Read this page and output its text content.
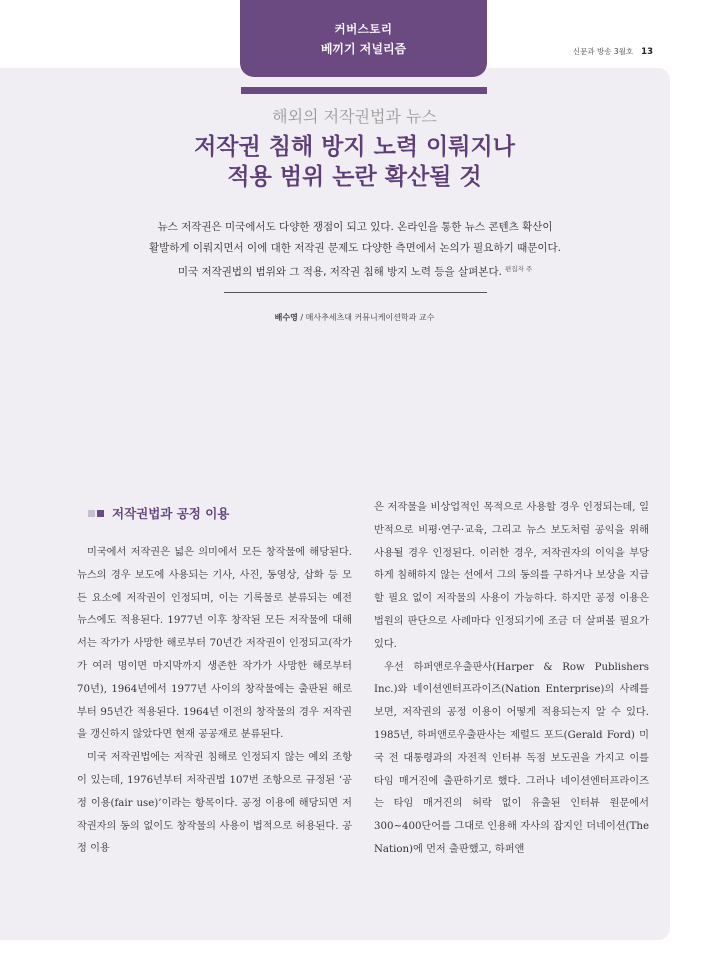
커버스토리
베끼기 저널리즘	신문과 방송 3월호 13
해외의 저작권법과 뉴스
저작권 침해 방지 노력 이뤄지나
적용 범위 논란 확산될 것
뉴스 저작권은 미국에서도 다양한 쟁점이 되고 있다. 온라인을 통한 뉴스 콘텐츠 확산이
활발하게 이뤄지면서 이에 대한 저작권 문제도 다양한 측면에서 논의가 필요하기 때문이다.
미국 저작권법의 범위와 그 적용, 저작권 침해 방지 노력 등을 살펴본다. $^{편집자 주}$
배수영 / 매사추세츠대 커뮤니케이션학과 교수
저작권법과 공정 이용

미국에서 저작권은 넓은 의미에서 모든 창작물에 해당된다. 뉴스의 경우 보도에 사용되는 기사, 사진, 동영상, 삽화 등 모든 요소에 저작권이 인정되며, 이는 기록물로 분류되는 예전 뉴스에도 적용된다. 1977년 이후 창작된 모든 저작물에 대해서는 작가가 사망한 해로부터 70년간 저작권이 인정되고(작가가 여러 명이면 마지막까지 생존한 작가가 사망한 해로부터 70년), 1964년에서 1977년 사이의 창작물에는 출판된 해로부터 95년간 적용된다. 1964년 이전의 창작물의 경우 저작권을 갱신하지 않았다면 현재 공공재로 분류된다.

미국 저작권법에는 저작권 침해로 인정되지 않는 예외 조항이 있는데, 1976년부터 저작권법 107번 조항으로 규정된 ‘공정 이용(fair use)’이라는 항목이다. 공정 이용에 해당되면 저작권자의 동의 없이도 창작물의 사용이 법적으로 허용된다. 공정 이용

은 저작물을 비상업적인 목적으로 사용할 경우 인정되는데, 일반적으로 비평·연구·교육, 그리고 뉴스 보도처럼 공익을 위해 사용될 경우 인정된다. 이러한 경우, 저작권자의 이익을 부당하게 침해하지 않는 선에서 그의 동의를 구하거나 보상을 지급할 필요 없이 저작물의 사용이 가능하다. 하지만 공정 이용은 법원의 판단으로 사례마다 인정되기에 조금 더 살펴볼 필요가 있다.

우선 하퍼앤로우출판사(Harper & Row Publishers Inc.)와 네이션엔터프라이즈(Nation Enterprise)의 사례를 보면, 저작권의 공정 이용이 어떻게 적용되는지 알 수 있다. 1985년, 하퍼앤로우출판사는 제럴드 포드(Gerald Ford) 미국 전 대통령과의 자전적 인터뷰 독점 보도권을 가지고 이를 타임 매거진에 출판하기로 했다. 그러나 네이션엔터프라이즈는 타임 매거진의 허락 없이 유출된 인터뷰 원문에서 300~400단어를 그대로 인용해 자사의 잡지인 더네이션(The Nation)에 먼저 출판했고, 하퍼앤
